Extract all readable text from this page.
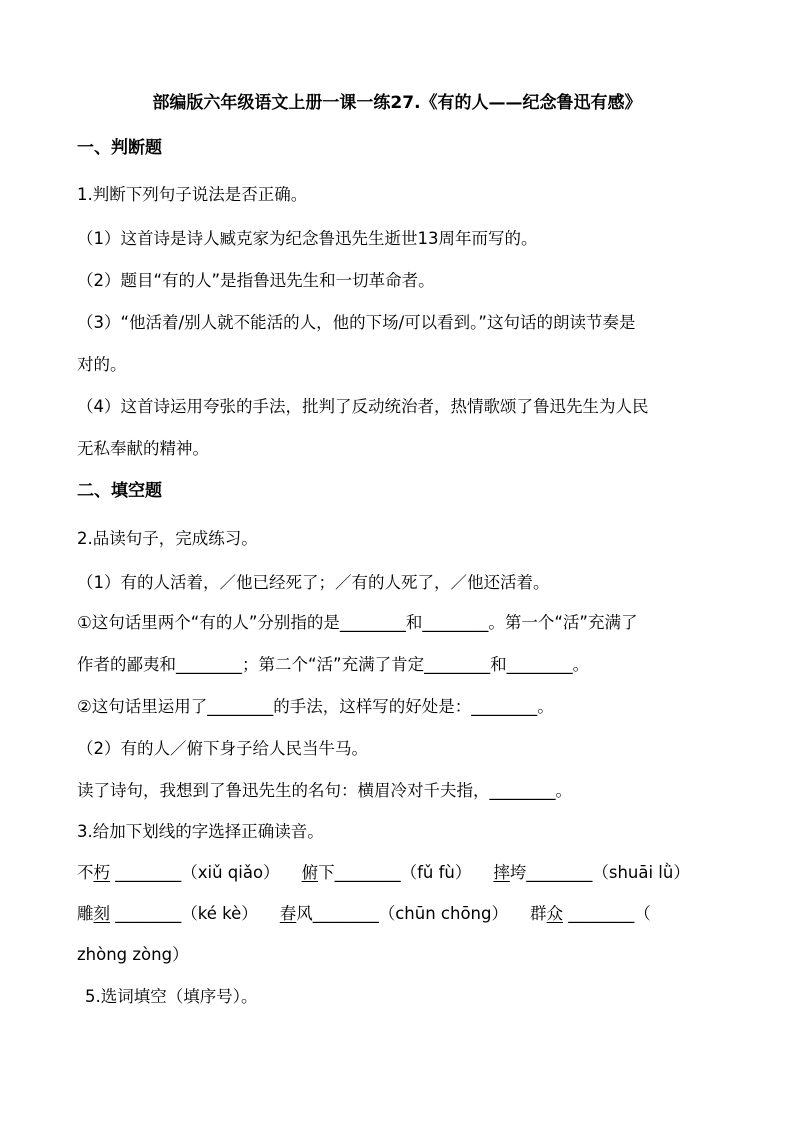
部编版六年级语文上册一课一练27.《有的人——纪念鲁迅有感》
一、判断题
1.判断下列句子说法是否正确。
（1）这首诗是诗人臧克家为纪念鲁迅先生逝世13周年而写的。
（2）题目“有的人”是指鲁迅先生和一切革命者。
（3）“他活着/别人就不能活的人，他的下场/可以看到。”这句话的朗读节奏是
对的。
（4）这首诗运用夸张的手法，批判了反动统治者，热情歌颂了鲁迅先生为人民
无私奉献的精神。
二、填空题
2.品读句子，完成练习。
（1）有的人活着，／他已经死了；／有的人死了，／他还活着。
①这句话里两个“有的人”分别指的是________和________。第一个“活”充满了
作者的鄙夷和________；第二个“活”充满了肯定________和________。
②这句话里运用了________的手法，这样写的好处是：________。
（2）有的人／俯下身子给人民当牛马。
读了诗句，我想到了鲁迅先生的名句：横眉冷对千夫指，________。
3.给加下划线的字选择正确读音。
不朽 ________（xiǔ qiǎo） 俯下________（fǔ fù） 摔垮________（shuāi lǜ）
雕刻 ________（ké kè） 春风________（chūn chōng） 群众 ________（
zhòng zòng）
5.选词填空（填序号）。
